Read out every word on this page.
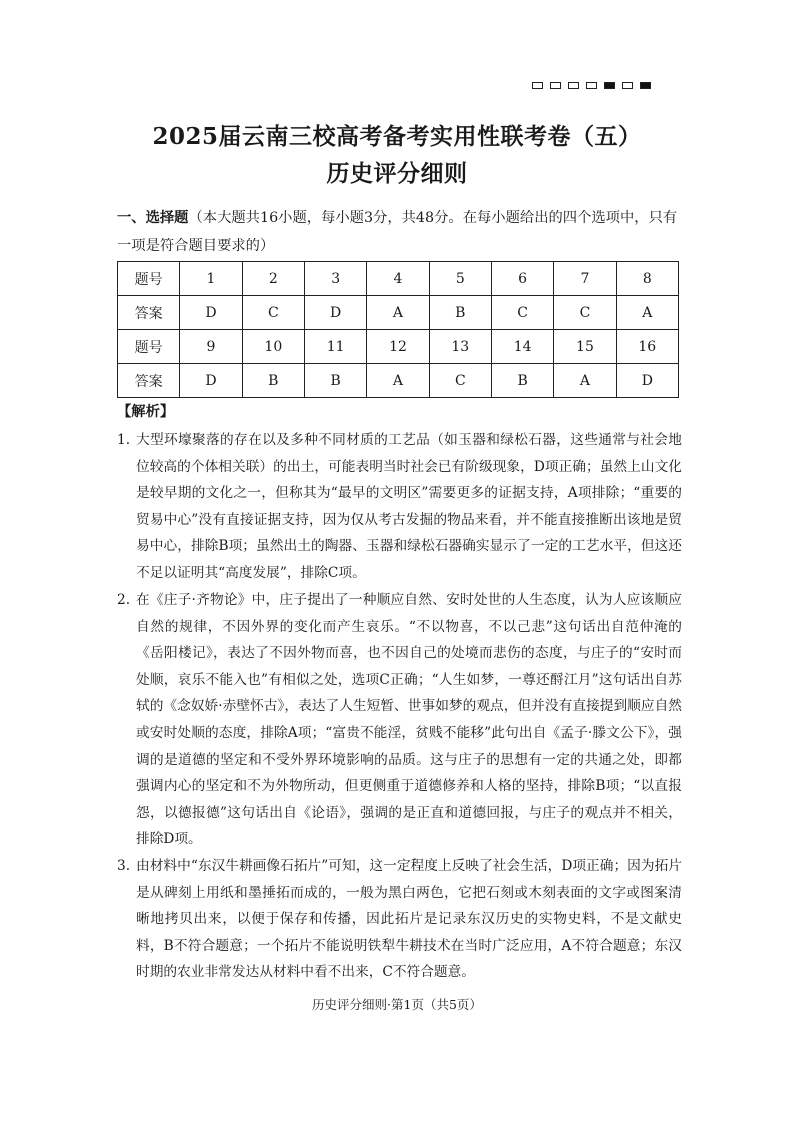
2025届云南三校高考备考实用性联考卷（五）
历史评分细则
一、选择题（本大题共16小题，每小题3分，共48分。在每小题给出的四个选项中，只有一项是符合题目要求的）
题号	1	2	3	4	5	6	7	8
答案	D	C	D	A	B	C	C	A
题号	9	10	11	12	13	14	15	16
答案	D	B	B	A	C	B	A	D
【解析】
1. 大型环壕聚落的存在以及多种不同材质的工艺品（如玉器和绿松石器，这些通常与社会地位较高的个体相关联）的出土，可能表明当时社会已有阶级现象，D项正确；虽然上山文化是较早期的文化之一，但称其为“最早的文明区”需要更多的证据支持，A项排除；“重要的贸易中心”没有直接证据支持，因为仅从考古发掘的物品来看，并不能直接推断出该地是贸易中心，排除B项；虽然出土的陶器、玉器和绿松石器确实显示了一定的工艺水平，但这还不足以证明其“高度发展”，排除C项。
2. 在《庄子·齐物论》中，庄子提出了一种顺应自然、安时处世的人生态度，认为人应该顺应自然的规律，不因外界的变化而产生哀乐。“不以物喜，不以己悲”这句话出自范仲淹的《岳阳楼记》，表达了不因外物而喜，也不因自己的处境而悲伤的态度，与庄子的“安时而处顺，哀乐不能入也”有相似之处，选项C正确；“人生如梦，一尊还酹江月”这句话出自苏轼的《念奴娇·赤壁怀古》，表达了人生短暂、世事如梦的观点，但并没有直接提到顺应自然或安时处顺的态度，排除A项；“富贵不能淫，贫贱不能移”此句出自《孟子·滕文公下》，强调的是道德的坚定和不受外界环境影响的品质。这与庄子的思想有一定的共通之处，即都强调内心的坚定和不为外物所动，但更侧重于道德修养和人格的坚持，排除B项；“以直报怨，以德报德”这句话出自《论语》，强调的是正直和道德回报，与庄子的观点并不相关，排除D项。
3. 由材料中“东汉牛耕画像石拓片”可知，这一定程度上反映了社会生活，D项正确；因为拓片是从碑刻上用纸和墨捶拓而成的，一般为黑白两色，它把石刻或木刻表面的文字或图案清晰地拷贝出来，以便于保存和传播，因此拓片是记录东汉历史的实物史料，不是文献史料，B不符合题意；一个拓片不能说明铁犁牛耕技术在当时广泛应用，A不符合题意；东汉时期的农业非常发达从材料中看不出来，C不符合题意。
历史评分细则·第1页（共5页）
